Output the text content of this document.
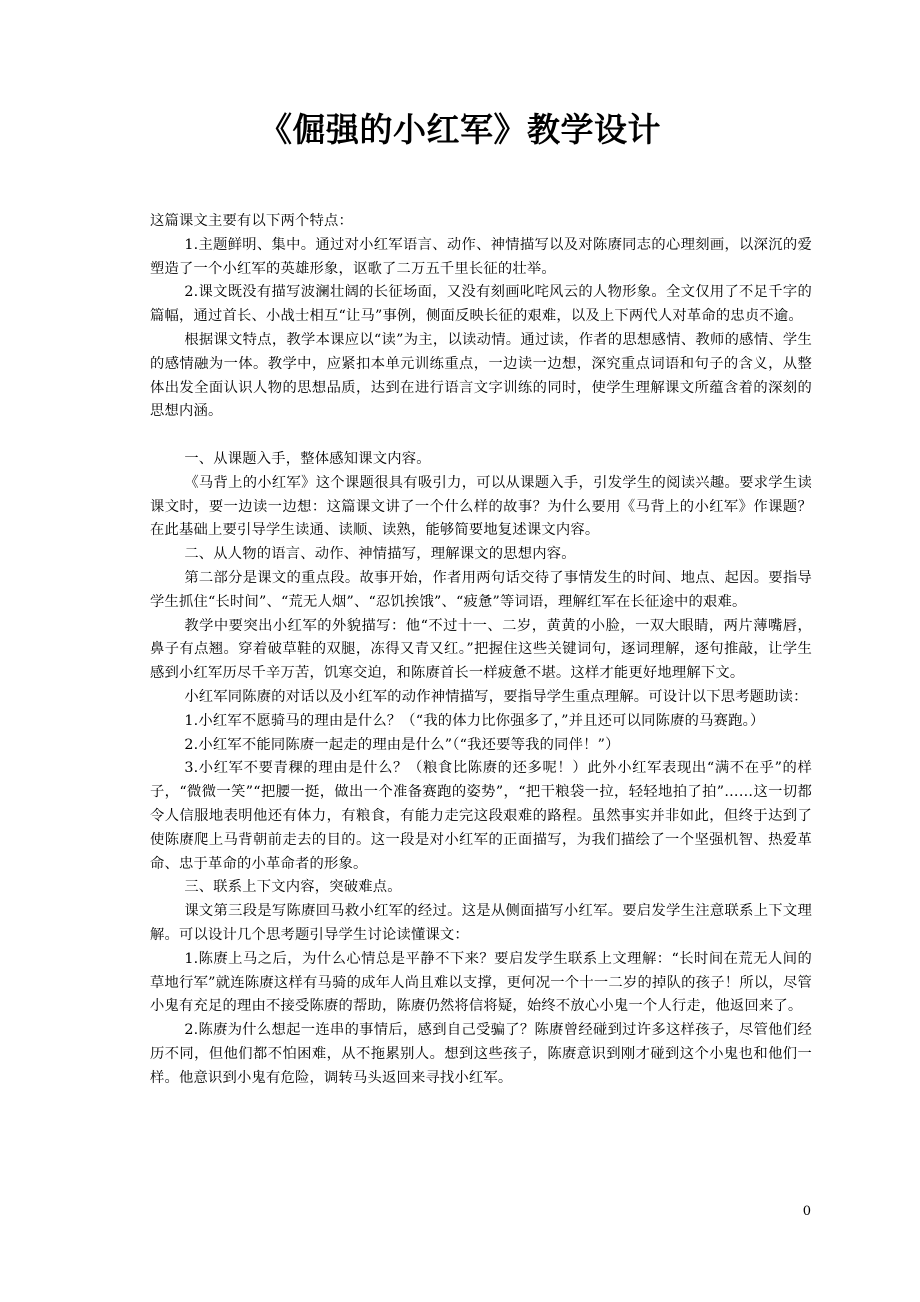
《倔强的小红军》教学设计

这篇课文主要有以下两个特点：

1.主题鲜明、集中。通过对小红军语言、动作、神情描写以及对陈赓同志的心理刻画，以深沉的爱塑造了一个小红军的英雄形象，讴歌了二万五千里长征的壮举。

2.课文既没有描写波澜壮阔的长征场面，又没有刻画叱咤风云的人物形象。全文仅用了不足千字的篇幅，通过首长、小战士相互“让马”事例，侧面反映长征的艰难，以及上下两代人对革命的忠贞不逾。

根据课文特点，教学本课应以“读”为主，以读动情。通过读，作者的思想感情、教师的感情、学生的感情融为一体。教学中，应紧扣本单元训练重点，一边读一边想，深究重点词语和句子的含义，从整体出发全面认识人物的思想品质，达到在进行语言文字训练的同时，使学生理解课文所蕴含着的深刻的思想内涵。

一、从课题入手，整体感知课文内容。

《马背上的小红军》这个课题很具有吸引力，可以从课题入手，引发学生的阅读兴趣。要求学生读课文时，要一边读一边想：这篇课文讲了一个什么样的故事？为什么要用《马背上的小红军》作课题？在此基础上要引导学生读通、读顺、读熟，能够简要地复述课文内容。

二、从人物的语言、动作、神情描写，理解课文的思想内容。

第二部分是课文的重点段。故事开始，作者用两句话交待了事情发生的时间、地点、起因。要指导学生抓住“长时间”、“荒无人烟”、“忍饥挨饿”、“疲惫”等词语，理解红军在长征途中的艰难。

教学中要突出小红军的外貌描写：他“不过十一、二岁，黄黄的小脸，一双大眼睛，两片薄嘴唇，鼻子有点翘。穿着破草鞋的双腿，冻得又青又红。”把握住这些关键词句，逐词理解，逐句推敲，让学生感到小红军历尽千辛万苦，饥寒交迫，和陈赓首长一样疲惫不堪。这样才能更好地理解下文。

小红军同陈赓的对话以及小红军的动作神情描写，要指导学生重点理解。可设计以下思考题助读：

1.小红军不愿骑马的理由是什么？（“我的体力比你强多了，”并且还可以同陈赓的马赛跑。）

2.小红军不能同陈赓一起走的理由是什么”（“我还要等我的同伴！”）

3.小红军不要青稞的理由是什么？（粮食比陈赓的还多呢！）此外小红军表现出“满不在乎”的样子，“微微一笑”“把腰一挺，做出一个准备赛跑的姿势”，“把干粮袋一拉，轻轻地拍了拍”……这一切都令人信服地表明他还有体力，有粮食，有能力走完这段艰难的路程。虽然事实并非如此，但终于达到了使陈赓爬上马背朝前走去的目的。这一段是对小红军的正面描写，为我们描绘了一个坚强机智、热爱革命、忠于革命的小革命者的形象。

三、联系上下文内容，突破难点。

课文第三段是写陈赓回马救小红军的经过。这是从侧面描写小红军。要启发学生注意联系上下文理解。可以设计几个思考题引导学生讨论读懂课文：

1.陈赓上马之后，为什么心情总是平静不下来？要启发学生联系上文理解：“长时间在荒无人间的草地行军”就连陈赓这样有马骑的成年人尚且难以支撑，更何况一个十一二岁的掉队的孩子！所以，尽管小鬼有充足的理由不接受陈赓的帮助，陈赓仍然将信将疑，始终不放心小鬼一个人行走，他返回来了。

2.陈赓为什么想起一连串的事情后，感到自己受骗了？陈赓曾经碰到过许多这样孩子，尽管他们经历不同，但他们都不怕困难，从不拖累别人。想到这些孩子，陈赓意识到刚才碰到这个小鬼也和他们一样。他意识到小鬼有危险，调转马头返回来寻找小红军。

0
